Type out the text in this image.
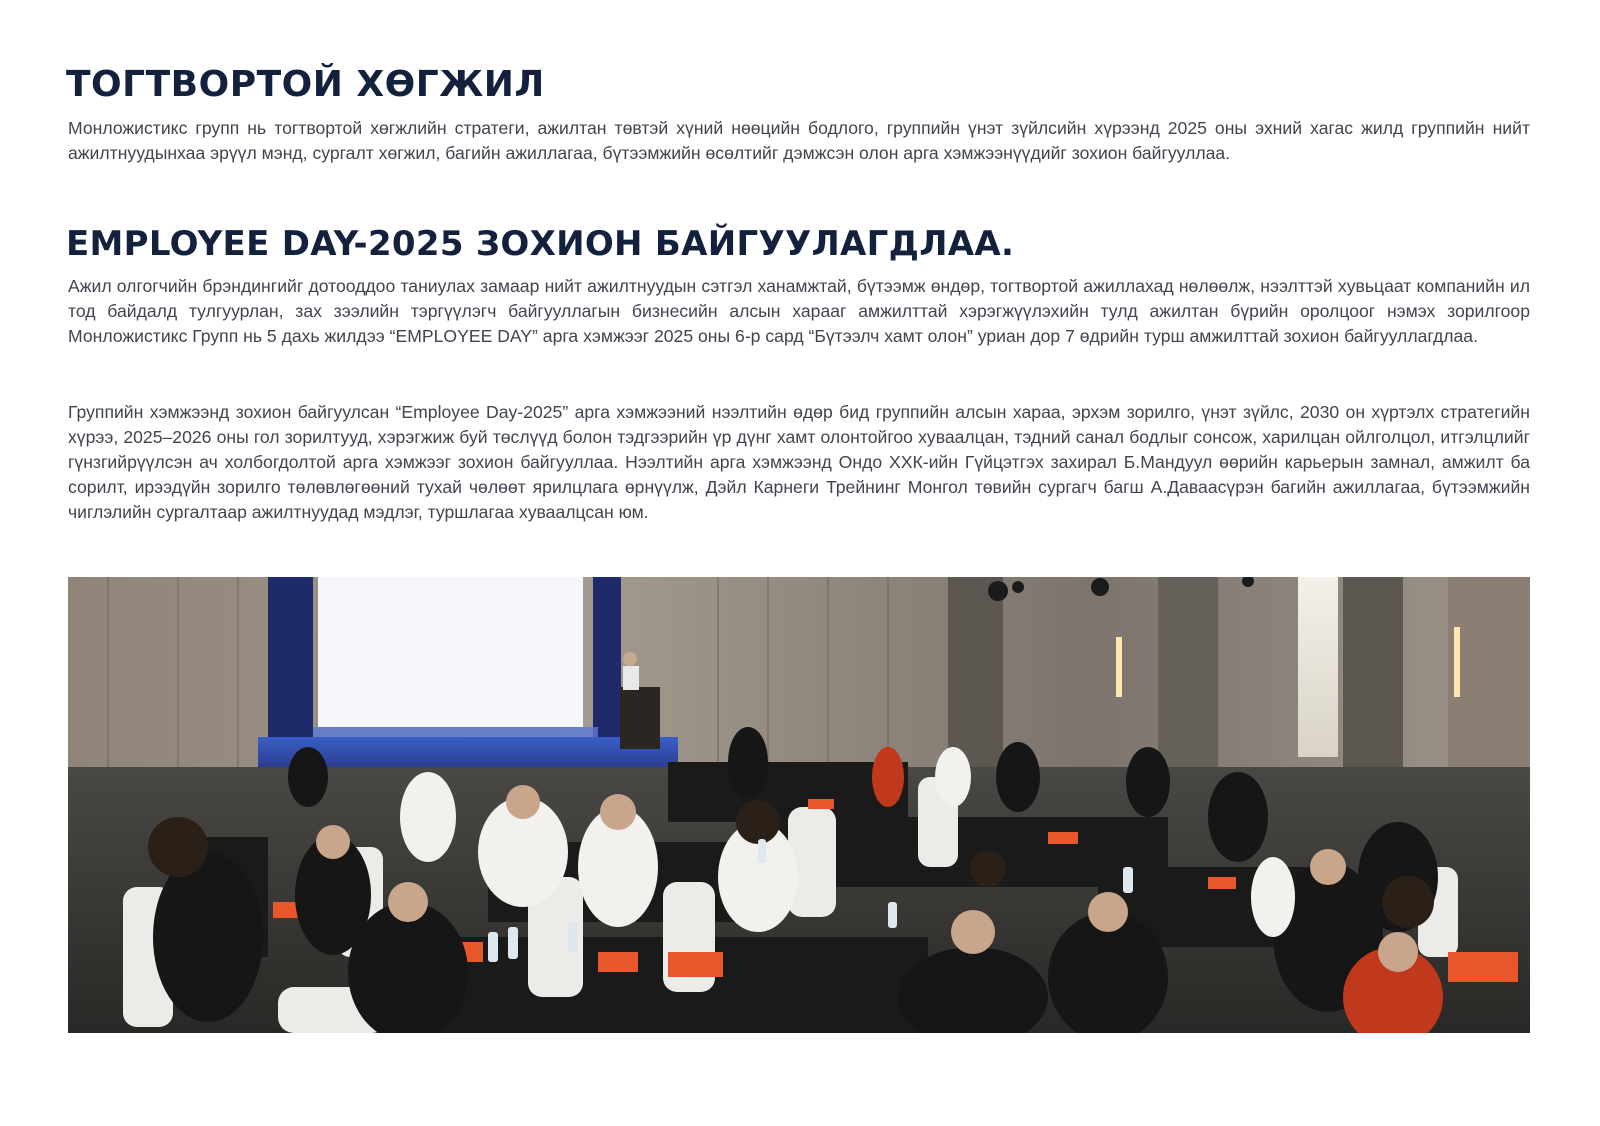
ТОГТВОРТОЙ ХӨГЖИЛ

Монложистикс групп нь тогтвортой хөгжлийн стратеги, ажилтан төвтэй хүний нөөцийн бодлого, группийн үнэт зүйлсийн хүрээнд 2025 оны эхний хагас жилд группийн нийт ажилтнуудынхаа эрүүл мэнд, сургалт хөгжил, багийн ажиллагаа, бүтээмжийн өсөлтийг дэмжсэн олон арга хэмжээнүүдийг зохион байгууллаа.

EMPLOYEE DAY-2025 ЗОХИОН БАЙГУУЛАГДЛАА.

Ажил олгогчийн брэндингийг дотооддоо таниулах замаар нийт ажилтнуудын сэтгэл ханамжтай, бүтээмж өндөр, тогтвортой ажиллахад нөлөөлж, нээлттэй хувьцаат компанийн ил тод байдалд тулгуурлан, зах зээлийн тэргүүлэгч байгууллагын бизнесийн алсын харааг амжилттай хэрэгжүүлэхийн тулд ажилтан бүрийн оролцоог нэмэх зорилгоор Монложистикс Групп нь 5 дахь жилдээ “EMPLOYEE DAY” арга хэмжээг 2025 оны 6-р сард “Бүтээлч хамт олон” уриан дор 7 өдрийн турш амжилттай зохион байгууллагдлаа.

Группийн хэмжээнд зохион байгуулсан “Employee Day-2025” арга хэмжээний нээлтийн өдөр бид группийн алсын хараа, эрхэм зорилго, үнэт зүйлс, 2030 он хүртэлх стратегийн хүрээ, 2025–2026 оны гол зорилтууд, хэрэгжиж буй төслүүд болон тэдгээрийн үр дүнг хамт олонтойгоо хуваалцан, тэдний санал бодлыг сонсож, харилцан ойлголцол, итгэлцлийг гүнзгийрүүлсэн ач холбогдолтой арга хэмжээг зохион байгууллаа. Нээлтийн арга хэмжээнд Ондо ХХК-ийн Гүйцэтгэх захирал Б.Мандуул өөрийн карьерын замнал, амжилт ба сорилт, ирээдүйн зорилго төлөвлөгөөний тухай чөлөөт ярилцлага өрнүүлж, Дэйл Карнеги Трейнинг Монгол төвийн сургагч багш А.Даваасүрэн багийн ажиллагаа, бүтээмжийн чиглэлийн сургалтаар ажилтнуудад мэдлэг, туршлагаа хуваалцсан юм.
